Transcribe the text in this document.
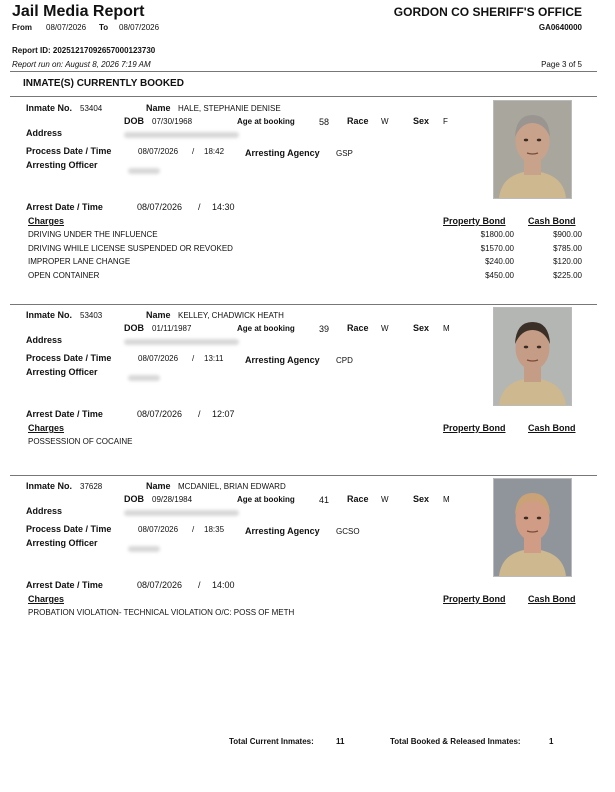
Jail Media Report
From 08/07/2026 To 08/07/2026
GORDON CO SHERIFF'S OFFICE
GA0640000
Report ID: 20251217092657000123730
Report run on: August 8, 2026 7:19 AM	Page 3 of 5
INMATE(S) CURRENTLY BOOKED
Inmate No. 53404	Name HALE, STEPHANIE DENISE
DOB 07/30/1968	Age at booking	58 Race W	Sex F
Address
Process Date / Time	08/07/2026 / 18:42 Arresting Agency GSP
Arresting Officer
Arrest Date / Time	08/07/2026 / 14:30
Charges	Property Bond Cash Bond
DRIVING UNDER THE INFLUENCE	$1800.00	$900.00
DRIVING WHILE LICENSE SUSPENDED OR REVOKED	$1570.00	$785.00
IMPROPER LANE CHANGE	$240.00	$120.00
OPEN CONTAINER	$450.00	$225.00
Inmate No. 53403	Name KELLEY, CHADWICK HEATH
DOB 01/11/1987	Age at booking	39 Race W	Sex M
Address
Process Date / Time	08/07/2026 / 13:11 Arresting Agency CPD
Arresting Officer
Arrest Date / Time	08/07/2026 / 12:07
Charges	Property Bond Cash Bond
POSSESSION OF COCAINE
Inmate No. 37628	Name MCDANIEL, BRIAN EDWARD
DOB 09/28/1984	Age at booking	41 Race W	Sex M
Address
Process Date / Time	08/07/2026 / 18:35 Arresting Agency GCSO
Arresting Officer
Arrest Date / Time	08/07/2026 / 14:00
Charges	Property Bond Cash Bond
PROBATION VIOLATION- TECHNICAL VIOLATION O/C: POSS OF METH
Total Current Inmates:	11	Total Booked & Released Inmates:	1
